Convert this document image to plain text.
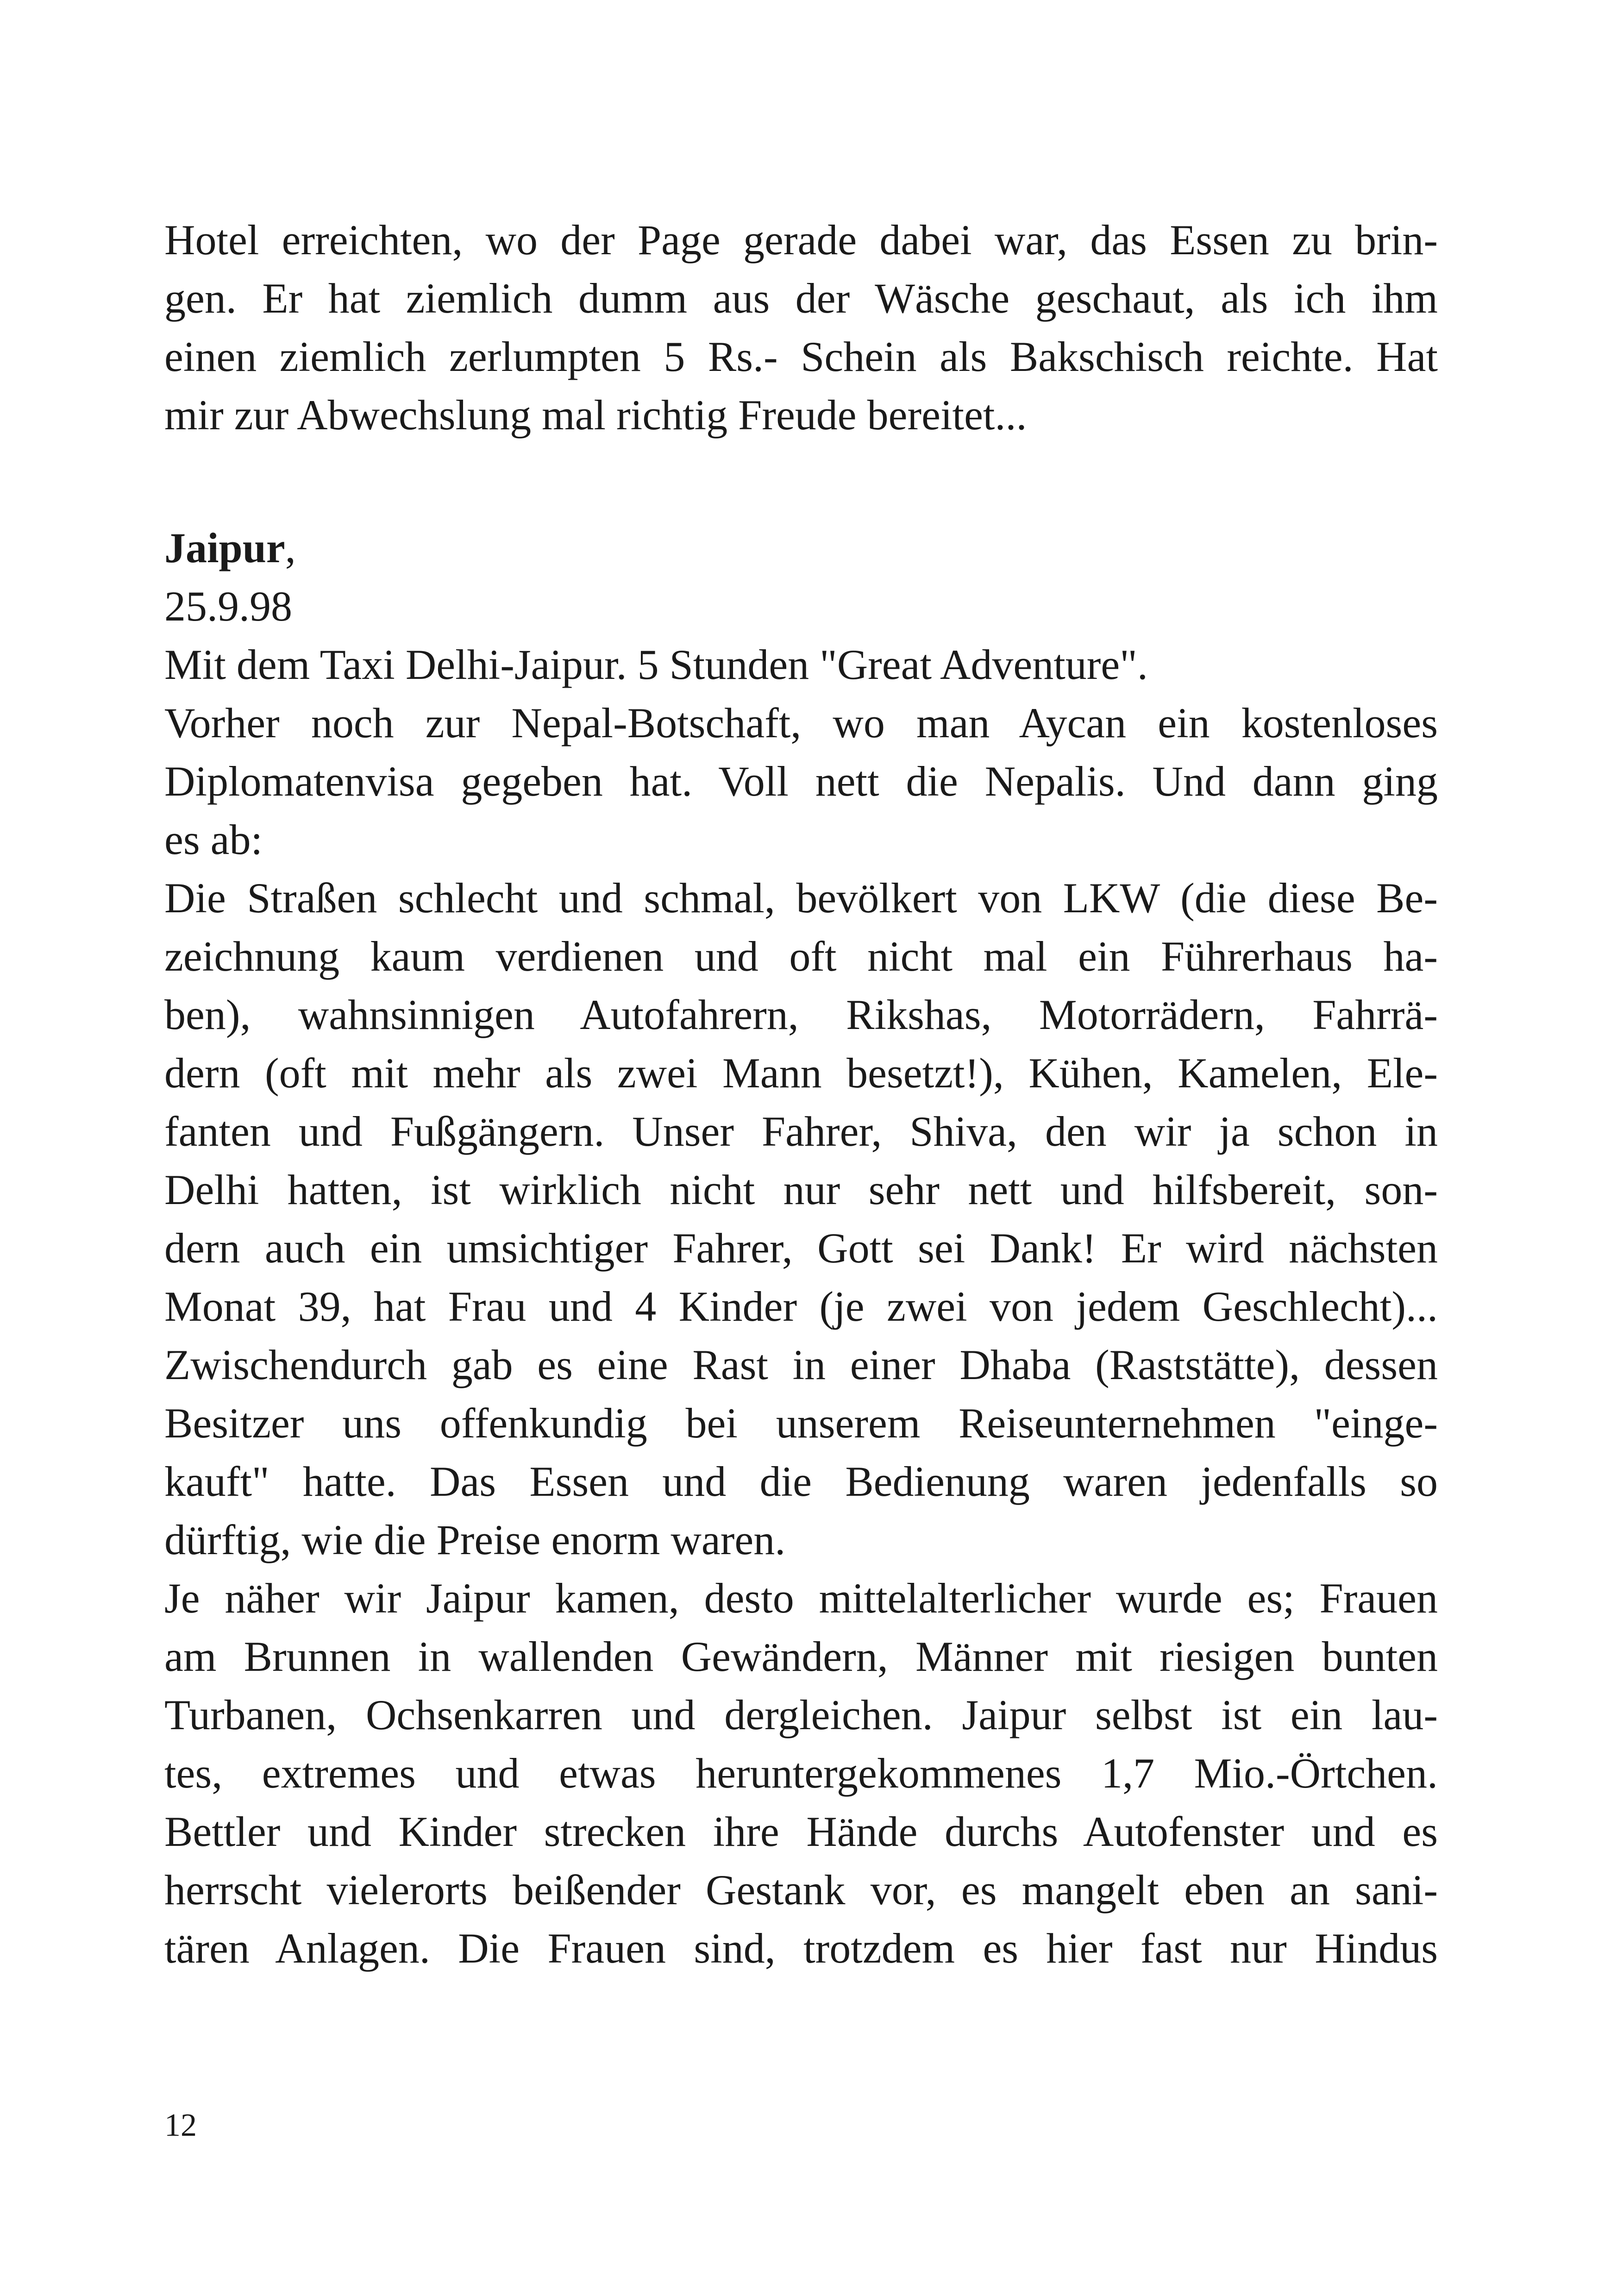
Hotel erreichten, wo der Page gerade dabei war, das Essen zu brin-
gen. Er hat ziemlich dumm aus der Wäsche geschaut, als ich ihm
einen ziemlich zerlumpten 5 Rs.- Schein als Bakschisch reichte. Hat
mir zur Abwechslung mal richtig Freude bereitet...
Jaipur,
25.9.98
Mit dem Taxi Delhi-Jaipur. 5 Stunden "Great Adventure".
Vorher noch zur Nepal-Botschaft, wo man Aycan ein kostenloses
Diplomatenvisa gegeben hat. Voll nett die Nepalis. Und dann ging
es ab:
Die Straßen schlecht und schmal, bevölkert von LKW (die diese Be-
zeichnung kaum verdienen und oft nicht mal ein Führerhaus ha-
ben), wahnsinnigen Autofahrern, Rikshas, Motorrädern, Fahrrä-
dern (oft mit mehr als zwei Mann besetzt!), Kühen, Kamelen, Ele-
fanten und Fußgängern. Unser Fahrer, Shiva, den wir ja schon in
Delhi hatten, ist wirklich nicht nur sehr nett und hilfsbereit, son-
dern auch ein umsichtiger Fahrer, Gott sei Dank! Er wird nächsten
Monat 39, hat Frau und 4 Kinder (je zwei von jedem Geschlecht)...
Zwischendurch gab es eine Rast in einer Dhaba (Raststätte), dessen
Besitzer uns offenkundig bei unserem Reiseunternehmen "einge-
kauft" hatte. Das Essen und die Bedienung waren jedenfalls so
dürftig, wie die Preise enorm waren.
Je näher wir Jaipur kamen, desto mittelalterlicher wurde es; Frauen
am Brunnen in wallenden Gewändern, Männer mit riesigen bunten
Turbanen, Ochsenkarren und dergleichen. Jaipur selbst ist ein lau-
tes, extremes und etwas heruntergekommenes 1,7 Mio.-Örtchen.
Bettler und Kinder strecken ihre Hände durchs Autofenster und es
herrscht vielerorts beißender Gestank vor, es mangelt eben an sani-
tären Anlagen. Die Frauen sind, trotzdem es hier fast nur Hindus
12
